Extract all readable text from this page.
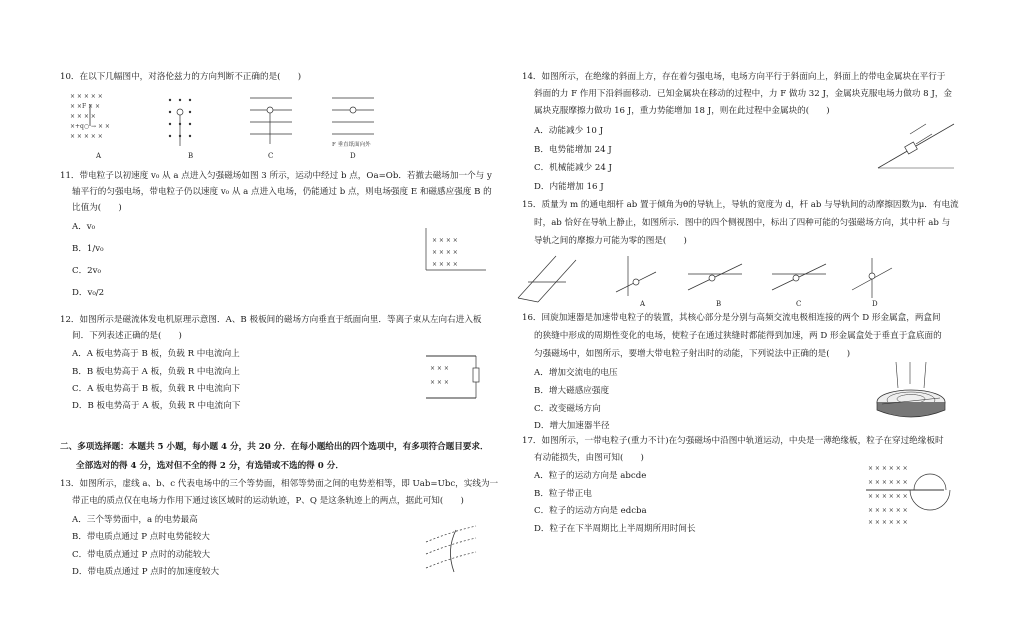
10．在以下几幅图中，对洛伦兹力的方向判断不正确的是(　　)
× × × × ×
× ×F × ×
× × × ×
×+q○ → × ×
× × × × ×
A	B	C
F 垂直纸面向外
D
11．带电粒子以初速度 v₀ 从 a 点进入匀强磁场如图 3 所示，运动中经过 b 点，Oa=Ob．若撤去磁场加一个与 y
轴平行的匀强电场，带电粒子仍以速度 v₀ 从 a 点进入电场，仍能通过 b 点，则电场强度 E 和磁感应强度 B 的
比值为(　　)
A．v₀
B．1/v₀
C．2v₀
D．v₀/2
× × × ×
× × × ×
× × × ×
12．如图所示是磁流体发电机原理示意图．A、B 极板间的磁场方向垂直于纸面向里．等离子束从左向右进入板
间．下列表述正确的是(　　)
A．A 板电势高于 B 板，负载 R 中电流向上
B．B 板电势高于 A 板，负载 R 中电流向上
C．A 板电势高于 B 板，负载 R 中电流向下
D．B 板电势高于 A 板，负载 R 中电流向下
× × ×
× × ×
二、多项选择题：本题共 5 小题，每小题 4 分，共 20 分．在每小题给出的四个选项中，有多项符合题目要求．
全部选对的得 4 分，选对但不全的得 2 分，有选错或不选的得 0 分．
13．如图所示，虚线 a、b、c 代表电场中的三个等势面，相邻等势面之间的电势差相等，即 Uab=Ubc，实线为一
带正电的质点仅在电场力作用下通过该区域时的运动轨迹，P、Q 是这条轨迹上的两点，据此可知(　　)
A．三个等势面中，a 的电势最高
B．带电质点通过 P 点时电势能较大
C．带电质点通过 P 点时的动能较大
D．带电质点通过 P 点时的加速度较大
14．如图所示，在绝缘的斜面上方，存在着匀强电场，电场方向平行于斜面向上，斜面上的带电金属块在平行于
斜面的力 F 作用下沿斜面移动．已知金属块在移动的过程中，力 F 做功 32 J，金属块克服电场力做功 8 J，金
属块克服摩擦力做功 16 J，重力势能增加 18 J，则在此过程中金属块的(　　)
A．动能减少 10 J
B．电势能增加 24 J
C．机械能减少 24 J
D．内能增加 16 J
15．质量为 m 的通电细杆 ab 置于倾角为θ的导轨上，导轨的宽度为 d，杆 ab 与导轨间的动摩擦因数为μ．有电流
时，ab 恰好在导轨上静止，如图所示．图中的四个侧视图中，标出了四种可能的匀强磁场方向，其中杆 ab 与
导轨之间的摩擦力可能为零的图是(　　)
A	B	C	D
16．回旋加速器是加速带电粒子的装置，其核心部分是分别与高频交流电极相连接的两个 D 形金属盒，两盒间
的狭缝中形成的周期性变化的电场，使粒子在通过狭缝时都能得到加速，两 D 形金属盒处于垂直于盒底面的
匀强磁场中，如图所示，要增大带电粒子射出时的动能，下列说法中正确的是(　　)
A．增加交流电的电压
B．增大磁感应强度
C．改变磁场方向
D．增大加速器半径
17．如图所示，一带电粒子(重力不计)在匀强磁场中沿图中轨道运动，中央是一薄绝缘板，粒子在穿过绝缘板时
有动能损失，由图可知(　　)
A．粒子的运动方向是 abcde
B．粒子带正电
C．粒子的运动方向是 edcba
D．粒子在下半周期比上半周期所用时间长
× × × × × ×
× × × × × ×
× × × × × ×
× × × × × ×
× × × × × ×
